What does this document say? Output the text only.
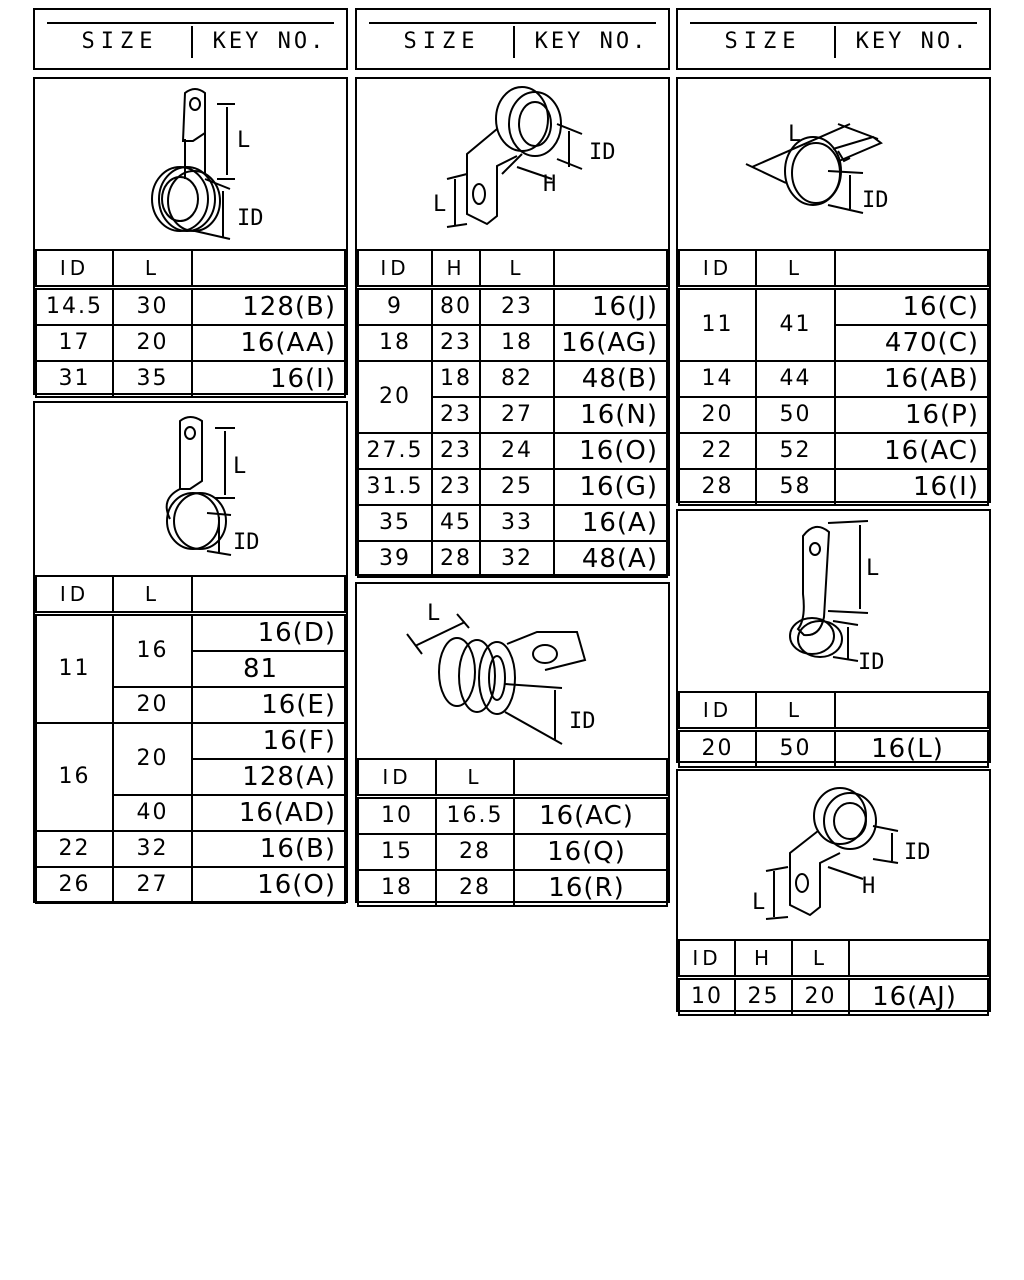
SIZE	KEY NO.	SIZE	KEY NO.	SIZE	KEY NO.
L
ID
ID	L	
14.5	30	128(B)
17	20	16(AA)
31	35	16(I)
L
ID
ID	L	
11	16	16(D)
		81
	20	16(E)
16	20	16(F)
		128(A)
	40	16(AD)
22	32	16(B)
26	27	16(O)
ID
H
L
ID	H	L	
9	80	23	16(J)
18	23	18	16(AG)
20	18	82	48(B)
	23	27	16(N)
27.5	23	24	16(O)
31.5	23	25	16(G)
35	45	33	16(A)
39	28	32	48(A)
L
ID
ID	L	
10	16.5	16(AC)
15	28	16(Q)
18	28	16(R)
L
ID
ID	L	
11	41	16(C)
		470(C)
14	44	16(AB)
20	50	16(P)
22	52	16(AC)
28	58	16(I)
L
ID
ID	L	
20	50	16(L)
ID
H
L
ID	H	L	
10	25	20	16(AJ)
